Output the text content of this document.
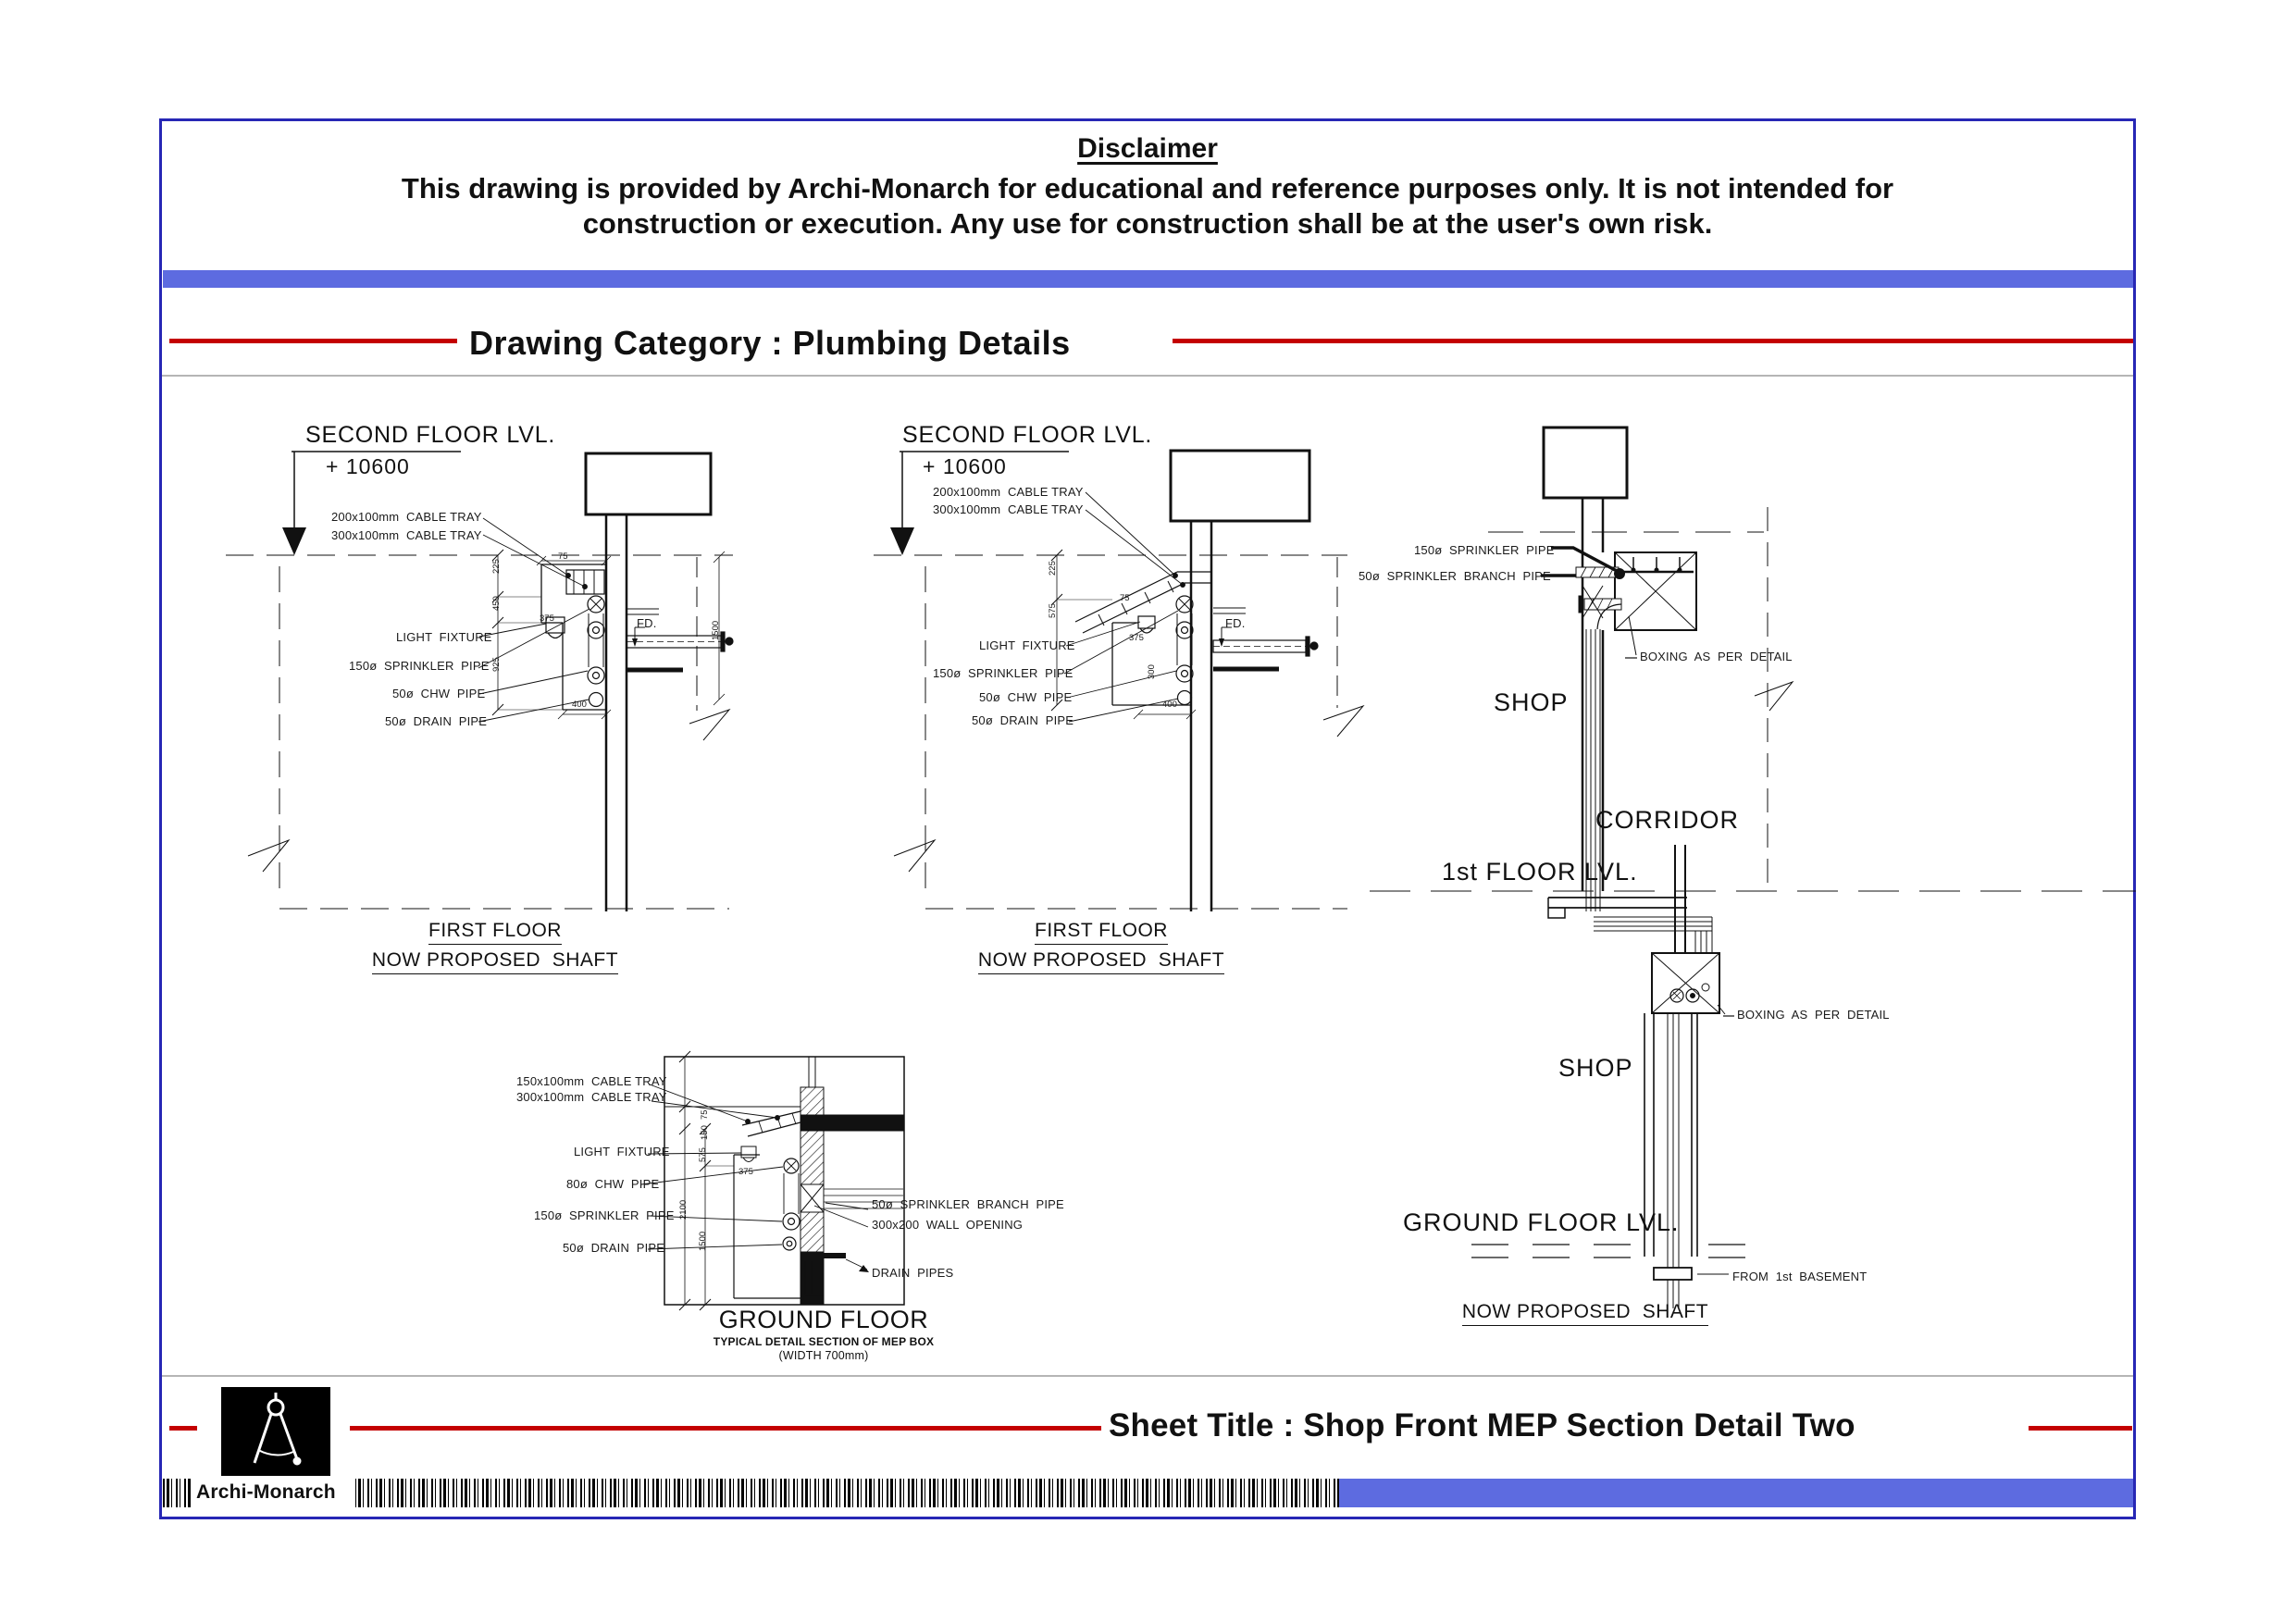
Disclaimer
This drawing is provided by Archi-Monarch for educational and reference purposes only. It is not intended for
construction or execution. Any use for construction shall be at the user's own risk.
Drawing Category : Plumbing Details
SECOND FLOOR LVL.
+ 10600
200x100mm  CABLE TRAY
300x100mm  CABLE TRAY
LIGHT  FIXTURE
150ø  SPRINKLER  PIPE
50ø  CHW  PIPE
50ø  DRAIN  PIPE
FD.
225
450
925
1500
75
375
400
FIRST FLOOR
NOW PROPOSED  SHAFT
SECOND FLOOR LVL.
+ 10600
200x100mm  CABLE TRAY
300x100mm  CABLE TRAY
LIGHT  FIXTURE
150ø  SPRINKLER  PIPE
50ø  CHW  PIPE
50ø  DRAIN  PIPE
FD.
225
575
300
75
375
400
FIRST FLOOR
NOW PROPOSED  SHAFT
150x100mm  CABLE TRAY
300x100mm  CABLE TRAY
LIGHT  FIXTURE
80ø  CHW  PIPE
150ø  SPRINKLER  PIPE
50ø  DRAIN  PIPE
50ø  SPRINKLER  BRANCH  PIPE
300x200  WALL  OPENING
DRAIN  PIPES
75
150
575
2100
1500
375
GROUND FLOOR
TYPICAL DETAIL SECTION OF MEP BOX
(WIDTH 700mm)
150ø  SPRINKLER  PIPE
50ø  SPRINKLER  BRANCH  PIPE
BOXING  AS  PER  DETAIL
SHOP
CORRIDOR
1st FLOOR LVL.
BOXING  AS  PER  DETAIL
SHOP
GROUND FLOOR LVL.
FROM  1st  BASEMENT
NOW PROPOSED  SHAFT
Sheet Title : Shop Front MEP Section Detail Two
Archi-Monarch
